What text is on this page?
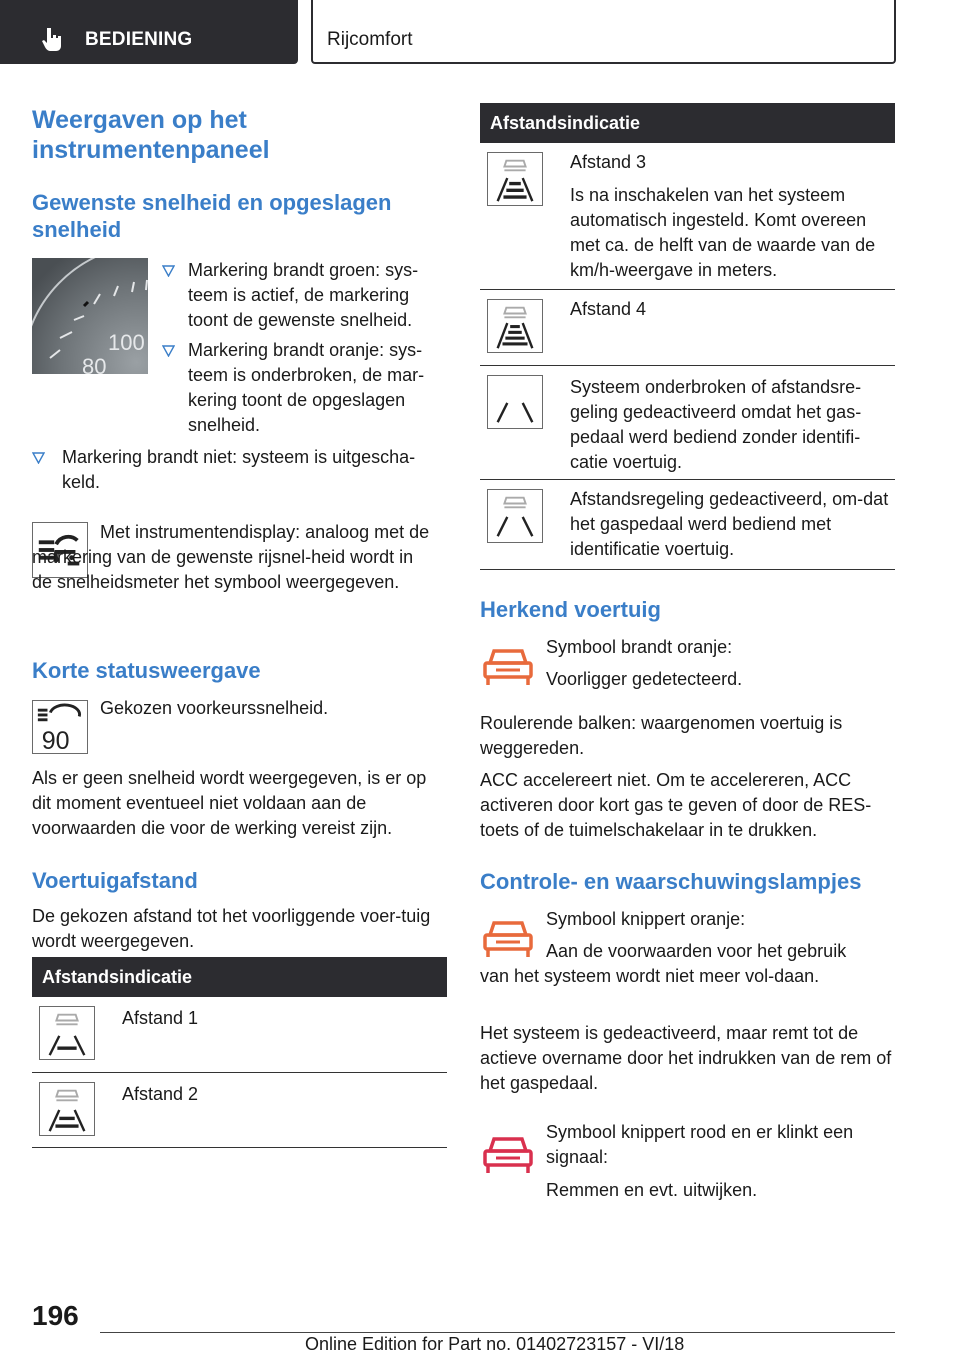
BEDIENING	Rijcomfort
Weergaven op het instrumentenpaneel
Gewenste snelheid en opgeslagen snelheid
100
80
Markering brandt groen: sys-teem is actief, de markering toont de gewenste snelheid.
Markering brandt oranje: sys-teem is onderbroken, de mar-kering toont de opgeslagen snelheid.
Markering brandt niet: systeem is uitgescha-keld.
Met instrumentendisplay: analoog met de markering van de gewenste rijsnel-heid wordt in de snelheidsmeter het symbool weergegeven.
Korte statusweergave
90
Gekozen voorkeurssnelheid.
Als er geen snelheid wordt weergegeven, is er op dit moment eventueel niet voldaan aan de voorwaarden die voor de werking vereist zijn.
Voertuigafstand
De gekozen afstand tot het voorliggende voer-tuig wordt weergegeven.
Afstandsindicatie
Afstand 1
Afstand 2
Afstandsindicatie
Afstand 3
Is na inschakelen van het systeem automatisch ingesteld. Komt overeen met ca. de helft van de waarde van de km/h-weergave in meters.
Afstand 4
Systeem onderbroken of afstandsre-geling gedeactiveerd omdat het gas-pedaal werd bediend zonder identifi-catie voertuig.
Afstandsregeling gedeactiveerd, om-dat het gaspedaal werd bediend met identificatie voertuig.
Herkend voertuig
Symbool brandt oranje:
Voorligger gedetecteerd.
Roulerende balken: waargenomen voertuig is weggereden.
ACC accelereert niet. Om te accelereren, ACC activeren door kort gas te geven of door de RES-toets of de tuimelschakelaar in te drukken.
Controle- en waarschuwingslampjes
Symbool knippert oranje:
Aan de voorwaarden voor het gebruik van het systeem wordt niet meer vol-daan.
Het systeem is gedeactiveerd, maar remt tot de actieve overname door het indrukken van de rem of het gaspedaal.
Symbool knippert rood en er klinkt een signaal:
Remmen en evt. uitwijken.
196
Online Edition for Part no. 01402723157 - VI/18
